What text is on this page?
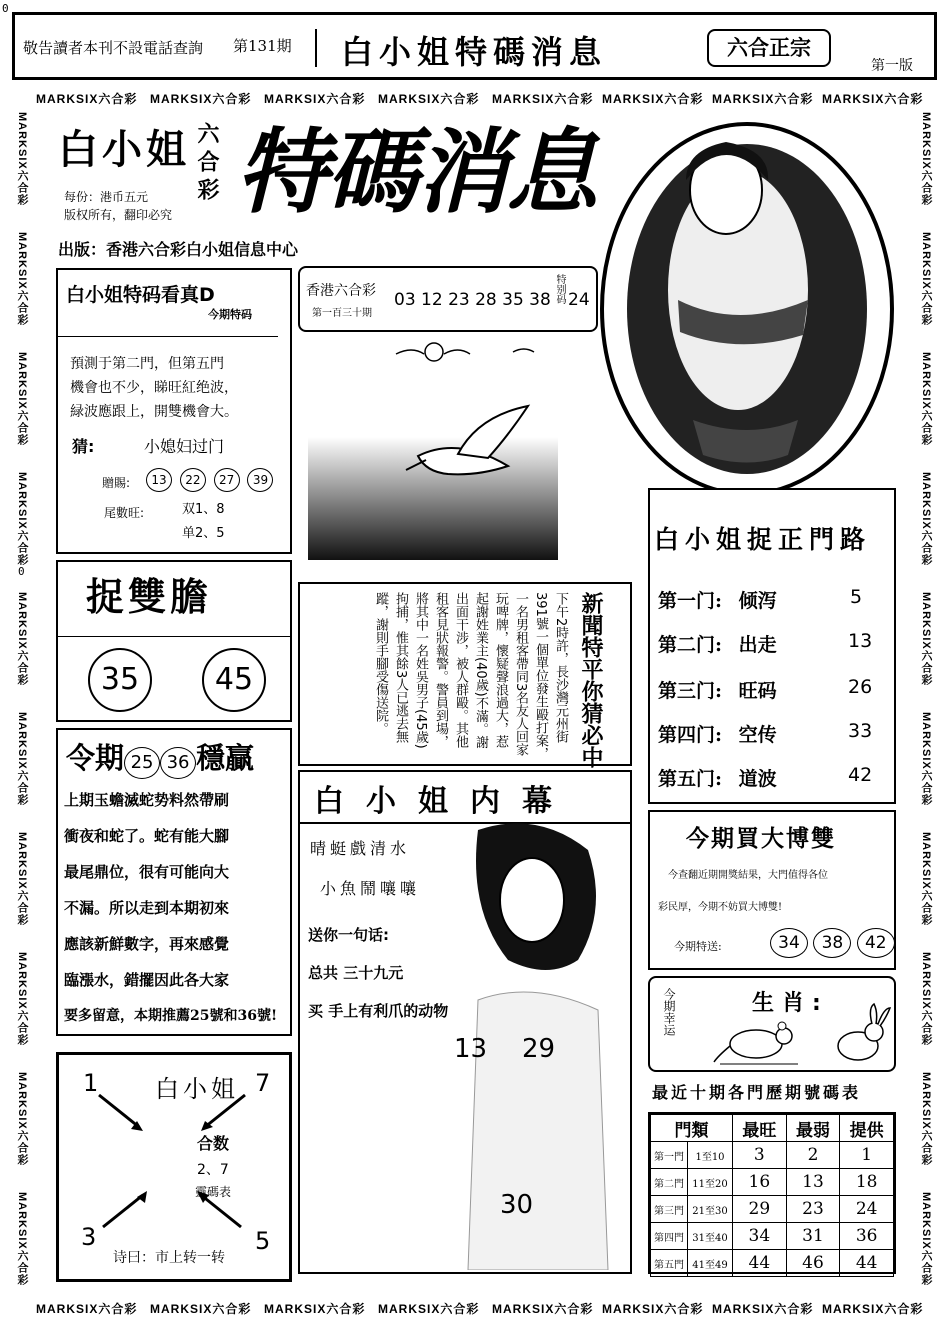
0
0
敬告讀者本刊不設電話查詢 第131期 白小姐特碼消息	六合正宗
第一版
MARKSIX六合彩 MARKSIX六合彩 MARKSIX六合彩 MARKSIX六合彩 MARKSIX六合彩 MARKSIX六合彩 MARKSIX六合彩 MARKSIX六合彩
MARKSIX六合彩 MARKSIX六合彩 MARKSIX六合彩 MARKSIX六合彩 MARKSIX六合彩 MARKSIX六合彩 MARKSIX六合彩 MARKSIX六合彩
MARKSIX六合彩
MARKSIX六合彩
MARKSIX六合彩
MARKSIX六合彩
MARKSIX六合彩
MARKSIX六合彩
MARKSIX六合彩
MARKSIX六合彩
MARKSIX六合彩
MARKSIX六合彩
MARKSIX六合彩
MARKSIX六合彩
MARKSIX六合彩
MARKSIX六合彩
MARKSIX六合彩
MARKSIX六合彩
MARKSIX六合彩
MARKSIX六合彩
MARKSIX六合彩
MARKSIX六合彩
白小姐 六合彩
每份：港币五元
版权所有，翻印必究 特碼消息
出版：香港六合彩白小姐信息中心
香港六合彩
第一百三十期
03 12 23 28 35 38 特别码 24
白小姐特码看真D
今期特码
預測于第二門，但第五門
機會也不少，睇旺紅绝波，
緑波應跟上，開雙機會大。
猜:	小媳妇过门
贈賜:	13 22 27 39
尾數旺:	双1、8
单2、5
捉雙膽
35	45
令期 25 36 穩贏
上期玉蟾滅蛇势料然帶刷
衝夜和蛇了。蛇有能大腳
最尾鼎位，很有可能向大
不漏。所以走到本期初來
應該新鮮數字，再來感覺
臨漲水，錯擺因此各大家
要多留意，本期推薦25號和36號!
新聞特平你猜必中
下午2時許，長沙灣元州街391號一個單位發生毆打案，一名男租客帶同3名友人回家玩啤牌，懷疑聲浪過大，惹起謝姓業主(40歲)不滿。謝出面干涉，被人群毆。其他租客見狀報警。警員到場，將其中一名姓吳男子(45歲)拘捕，惟其餘3人已逃去無蹤，謝則手腳受傷送院。
白小姐内幕
晴蜓戲清水
小魚鬧嚷嚷
送你一句话:
总共 三十九元
买 手上有利爪的动物
13 29
30
白小姐捉正門路
第一门: 倾泻	5
第二门: 出走	13
第三门: 旺码	26
第四门: 空传	33
第五门: 道波	42
今期買大博雙
今查翻近期開獎結果，大門值得各位
彩民厚，今期不妨買大博雙!
今期特送:	34 38 42
今期幸运	生肖:
1	7
白小姐
合数
2、7
靈碼表
3	5
诗曰：市上转一转
最近十期各門歷期號碼表
門類		最旺	最弱	提供
第一門	1至10	3	2	1
第二門	11至20	16	13	18
第三門	21至30	29	23	24
第四門	31至40	34	31	36
第五門	41至49	44	46	44
